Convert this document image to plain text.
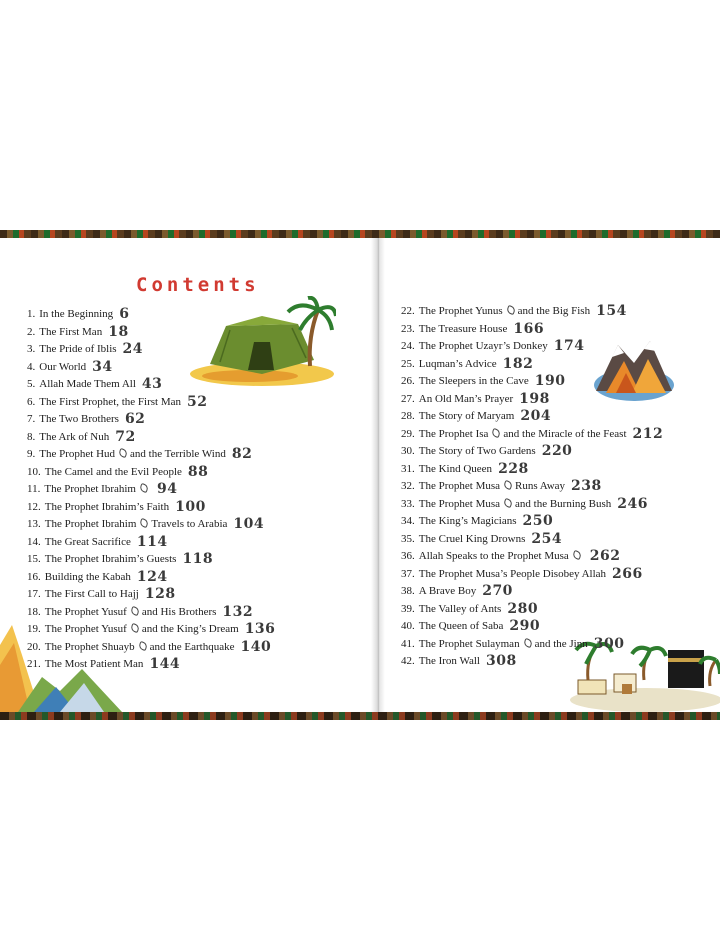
Contents
1. In the Beginning 6
2. The First Man 18
3. The Pride of Iblis 24
4. Our World 34
5. Allah Made Them All 43
6. The First Prophet, the First Man 52
7. The Two Brothers 62
8. The Ark of Nuh 72
9. The Prophet Hud and the Terrible Wind 82
10. The Camel and the Evil People 88
11. The Prophet Ibrahim 94
12. The Prophet Ibrahim’s Faith 100
13. The Prophet Ibrahim Travels to Arabia 104
14. The Great Sacrifice 114
15. The Prophet Ibrahim’s Guests 118
16. Building the Kabah 124
17. The First Call to Hajj 128
18. The Prophet Yusuf and His Brothers 132
19. The Prophet Yusuf and the King’s Dream 136
20. The Prophet Shuayb and the Earthquake 140
21. The Most Patient Man 144
22. The Prophet Yunus and the Big Fish 154
23. The Treasure House 166
24. The Prophet Uzayr’s Donkey 174
25. Luqman’s Advice 182
26. The Sleepers in the Cave 190
27. An Old Man’s Prayer 198
28. The Story of Maryam 204
29. The Prophet Isa and the Miracle of the Feast 212
30. The Story of Two Gardens 220
31. The Kind Queen 228
32. The Prophet Musa Runs Away 238
33. The Prophet Musa and the Burning Bush 246
34. The King’s Magicians 250
35. The Cruel King Drowns 254
36. Allah Speaks to the Prophet Musa 262
37. The Prophet Musa’s People Disobey Allah 266
38. A Brave Boy 270
39. The Valley of Ants 280
40. The Queen of Saba 290
41. The Prophet Sulayman and the Jinn 300
42. The Iron Wall 308
